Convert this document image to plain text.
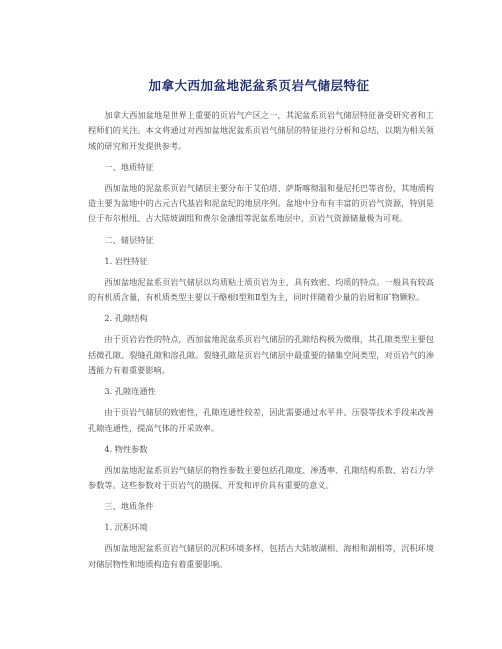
加拿大西加盆地泥盆系页岩气储层特征
加拿大西加盆地是世界上重要的页岩气产区之一，其泥盆系页岩气储层特征备受研究者和工程师们的关注。本文将通过对西加盆地泥盆系页岩气储层的特征进行分析和总结，以期为相关领域的研究和开发提供参考。
一、地质特征
西加盆地的泥盆系页岩气储层主要分布于艾伯塔、萨斯喀彻温和曼尼托巴等省份，其地质构造主要为盆地中的古元古代基岩和泥盆纪的地层序列。盆地中分布有丰富的页岩气资源，特别是位于布尔根纽、占大陆坡湖组和费尔金潘组等泥盆系地层中，页岩气资源储量极为可观。
二、储层特征
1. 岩性特征
西加盆地泥盆系页岩气储层以均质粘土质页岩为主，具有致密、均质的特点。一般具有较高的有机质含量，有机质类型主要以干酪根Ⅰ型和Ⅱ型为主，同时伴随着少量的岩屑和矿物颗粒。
2. 孔隙结构
由于页岩岩性的特点，西加盆地泥盆系页岩气储层的孔隙结构极为微细，其孔隙类型主要包括微孔隙、裂缝孔隙和溶孔隙。裂缝孔隙是页岩气储层中最重要的储集空间类型，对页岩气的渗透能力有着重要影响。
3. 孔隙连通性
由于页岩气储层的致密性，孔隙连通性较差，因此需要通过水平井、压裂等技术手段来改善孔隙连通性，提高气体的开采效率。
4. 物性参数
西加盆地泥盆系页岩气储层的物性参数主要包括孔隙度、渗透率、孔隙结构系数、岩石力学参数等。这些参数对于页岩气的勘探、开发和评价具有重要的意义。
三、地质条件
1. 沉积环境
西加盆地泥盆系页岩气储层的沉积环境多样，包括古大陆坡湖相、海相和湖相等，沉积环境对储层物性和地质构造有着重要影响。
